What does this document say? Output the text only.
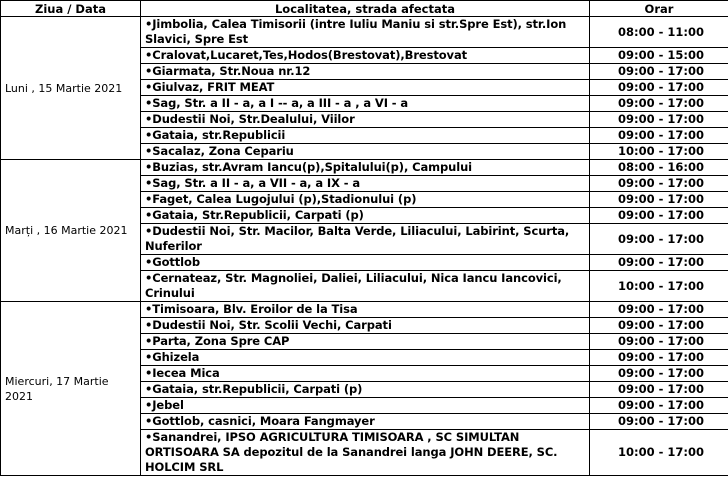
Ziua / Data	Localitatea, strada afectata	Orar
Luni , 15 Martie 2021	•Jimbolia, Calea Timisorii (intre Iuliu Maniu si str.Spre Est), str.Ion Slavici, Spre Est	08:00 - 11:00
	•Cralovat,Lucaret,Tes,Hodos(Brestovat),Brestovat	09:00 - 15:00
	•Giarmata, Str.Noua nr.12	09:00 - 17:00
	•Giulvaz, FRIT MEAT	09:00 - 17:00
	•Sag, Str. a II - a, a I -- a, a III - a , a VI - a	09:00 - 17:00
	•Dudestii Noi, Str.Dealului, Viilor	09:00 - 17:00
	•Gataia, str.Republicii	09:00 - 17:00
	•Sacalaz, Zona Ceparіu	10:00 - 17:00
Marți , 16 Martie 2021	•Buzias, str.Avram Iancu(p),Spitalului(p), Campului	08:00 - 16:00
	•Sag, Str. a II - a, a VII - a, a IX - a	09:00 - 17:00
	•Faget, Calea Lugojului (p),Stadionului (p)	09:00 - 17:00
	•Gataia, Str.Republicii, Carpati (p)	09:00 - 17:00
	•Dudestii Noi, Str. Macilor, Balta Verde, Liliacului, Labirint, Scurta, Nuferilor	09:00 - 17:00
	•Gottlob	09:00 - 17:00
	•Cernateaz, Str. Magnoliei, Daliei, Liliacului, Nica Iancu Iancovici, Crinului	10:00 - 17:00
Miercuri, 17 Martie 2021	•Timisoara, Blv. Eroilor de la Tisa	09:00 - 17:00
	•Dudestii Noi, Str. Scolii Vechi, Carpati	09:00 - 17:00
	•Parta, Zona Spre CAP	09:00 - 17:00
	•Ghizela	09:00 - 17:00
	•Iecea Mica	09:00 - 17:00
	•Gataia, str.Republicii, Carpati (p)	09:00 - 17:00
	•Jebel	09:00 - 17:00
	•Gottlob, casnici, Moara Fangmayer	09:00 - 17:00
	•Sanandrei, IPSO AGRICULTURA TIMISOARA , SC SIMULTAN ORTISOARA SA depozitul de la Sanandrei langa JOHN DEERE, SC. HOLCIM SRL	10:00 - 17:00
